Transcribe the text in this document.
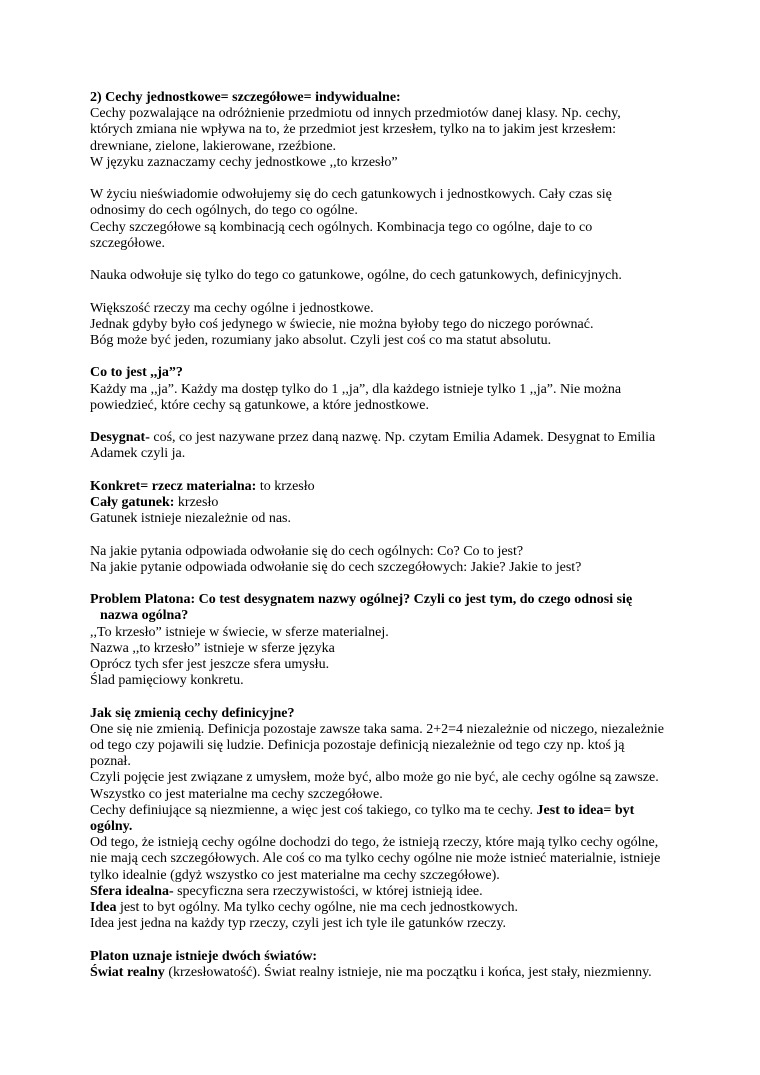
2) Cechy jednostkowe= szczegółowe= indywidualne:

Cechy pozwalające na odróżnienie przedmiotu od innych przedmiotów danej klasy. Np. cechy,

których zmiana nie wpływa na to, że przedmiot jest krzesłem, tylko na to jakim jest krzesłem:

drewniane, zielone, lakierowane, rzeźbione.

W języku zaznaczamy cechy jednostkowe ,,to krzesło”

W życiu nieświadomie odwołujemy się do cech gatunkowych i jednostkowych. Cały czas się

odnosimy do cech ogólnych, do tego co ogólne.

Cechy szczegółowe są kombinacją cech ogólnych. Kombinacja tego co ogólne, daje to co

szczegółowe.

Nauka odwołuje się tylko do tego co gatunkowe, ogólne, do cech gatunkowych, definicyjnych.

Większość rzeczy ma cechy ogólne i jednostkowe.

Jednak gdyby było coś jedynego w świecie, nie można byłoby tego do niczego porównać.

Bóg może być jeden, rozumiany jako absolut. Czyli jest coś co ma statut absolutu.

Co to jest ,,ja”?

Każdy ma ,,ja”. Każdy ma dostęp tylko do 1 ,,ja”, dla każdego istnieje tylko 1 ,,ja”. Nie można

powiedzieć, które cechy są gatunkowe, a które jednostkowe.

Desygnat- coś, co jest nazywane przez daną nazwę. Np. czytam Emilia Adamek. Desygnat to Emilia

Adamek czyli ja.

Konkret= rzecz materialna: to krzesło

Cały gatunek: krzesło

Gatunek istnieje niezależnie od nas.

Na jakie pytania odpowiada odwołanie się do cech ogólnych: Co? Co to jest?

Na jakie pytanie odpowiada odwołanie się do cech szczegółowych: Jakie? Jakie to jest?

Problem Platona: Co test desygnatem nazwy ogólnej? Czyli co jest tym, do czego odnosi się

nazwa ogólna?

,,To krzesło” istnieje w świecie, w sferze materialnej.

Nazwa ,,to krzesło” istnieje w sferze języka

Oprócz tych sfer jest jeszcze sfera umysłu.

Ślad pamięciowy konkretu.

Jak się zmienią cechy definicyjne?

One się nie zmienią. Definicja pozostaje zawsze taka sama. 2+2=4 niezależnie od niczego, niezależnie

od tego czy pojawili się ludzie. Definicja pozostaje definicją niezależnie od tego czy np. ktoś ją

poznał.

Czyli pojęcie jest związane z umysłem, może być, albo może go nie być, ale cechy ogólne są zawsze.

Wszystko co jest materialne ma cechy szczegółowe.

Cechy definiujące są niezmienne, a więc jest coś takiego, co tylko ma te cechy. Jest to idea= byt

ogólny.

Od tego, że istnieją cechy ogólne dochodzi do tego, że istnieją rzeczy, które mają tylko cechy ogólne,

nie mają cech szczegółowych. Ale coś co ma tylko cechy ogólne nie może istnieć materialnie, istnieje

tylko idealnie (gdyż wszystko co jest materialne ma cechy szczegółowe).

Sfera idealna- specyficzna sera rzeczywistości, w której istnieją idee.

Idea jest to byt ogólny. Ma tylko cechy ogólne, nie ma cech jednostkowych.

Idea jest jedna na każdy typ rzeczy, czyli jest ich tyle ile gatunków rzeczy.

Platon uznaje istnieje dwóch światów:

Świat realny (krzesłowatość). Świat realny istnieje, nie ma początku i końca, jest stały, niezmienny.
